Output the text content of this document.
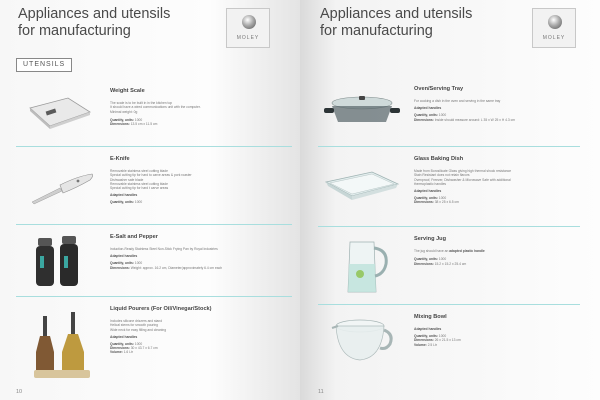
Appliances and utensils
for manufacturing	MOLEY
UTENSILS
Weight Scale
The scale is to be built in in the kitchen top
It should have a wired communications unit with the computer.
Minimal weight: 0g
Quantity, units: 1000
Dimensions: 13.5 cm x 11.5 cm
E-Knife
Removable stainless steel cutting blade
Special cutting tip for hard to carve areas & pork roaster
Dishwasher safe blade
Removable stainless steel cutting blade
Special cutting tip for hard t carve areas
Adapted handles
Quantity, units: 1000
E-Salt and Pepper
Induction-Ready Stainless Steel Non-Stick Frying Pan by Royal Industries
Adapted handles
Quantity, units: 1000
Dimensions: Weight: approx. 16.2 cm, Diameter(approximately 6.4 cm each
Liquid Pourers (For Oil/Vinegar/Stock)
Includes silicone drizzers and stand
Helical stems for smooth pouring
Wide neck for easy filling and cleaning
Adapted handles
Quantity, units: 1000
Dimensions: 30 x 43.7 x 6.7 cm
Volume: 1.6 Ltr
10
Appliances and utensils
for manufacturing	MOLEY
Oven/Serving Tray
For cooking a dish in the oven and serving in the same tray
Adapted handles
Quantity, units: 1000
Dimensions: Inside should measure around: L 35 x W 25 x H 4.3 cm
Glass Baking Dish
Made from Borosilicate Glass giving high thermal shock resistance
Stain Resistant does not retain flavors
Ovenproof, Freezer, Dishwasher & Microwave Safe with additional
thermoplastic handles
Adapted handles
Quantity, units: 1000
Dimensions: 38 x 25 x 6.5 cm
Serving Jug
The jug should have an adapted plastic handle
Quantity, units: 1000
Dimensions: 15.2 x 15.2 x 25.4 cm
Mixing Bowl
Adapted handles
Quantity, units: 1000
Dimensions: 26 x 21.5 x 13 cm
Volume: 2.5 Ltr
11
